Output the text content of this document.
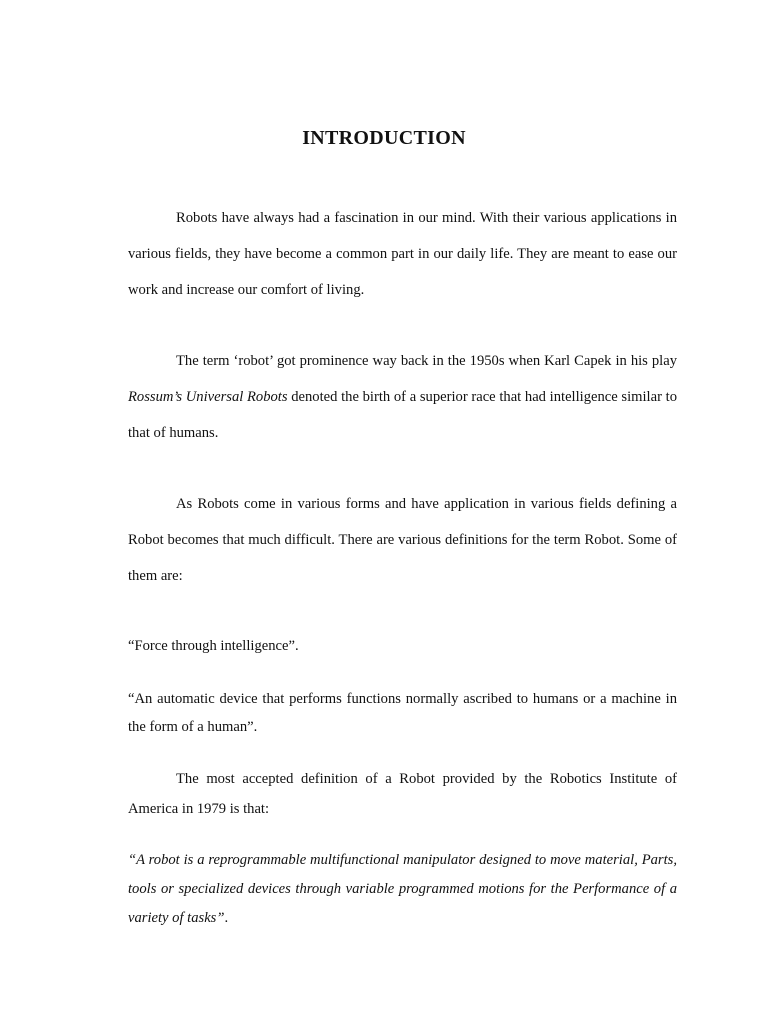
INTRODUCTION

Robots have always had a fascination in our mind. With their various applications in various fields, they have become a common part in our daily life. They are meant to ease our work and increase our comfort of living.

The term ‘robot’ got prominence way back in the 1950s when Karl Capek in his play Rossum’s Universal Robots denoted the birth of a superior race that had intelligence similar to that of humans.

As Robots come in various forms and have application in various fields defining a Robot becomes that much difficult. There are various definitions for the term Robot. Some of them are:

“Force through intelligence”.

“An automatic device that performs functions normally ascribed to humans or a machine in the form of a human”.

The most accepted definition of a Robot provided by the Robotics Institute of America in 1979 is that:

“A robot is a reprogrammable multifunctional manipulator designed to move material, Parts, tools or specialized devices through variable programmed motions for the Performance of a variety of tasks”.
